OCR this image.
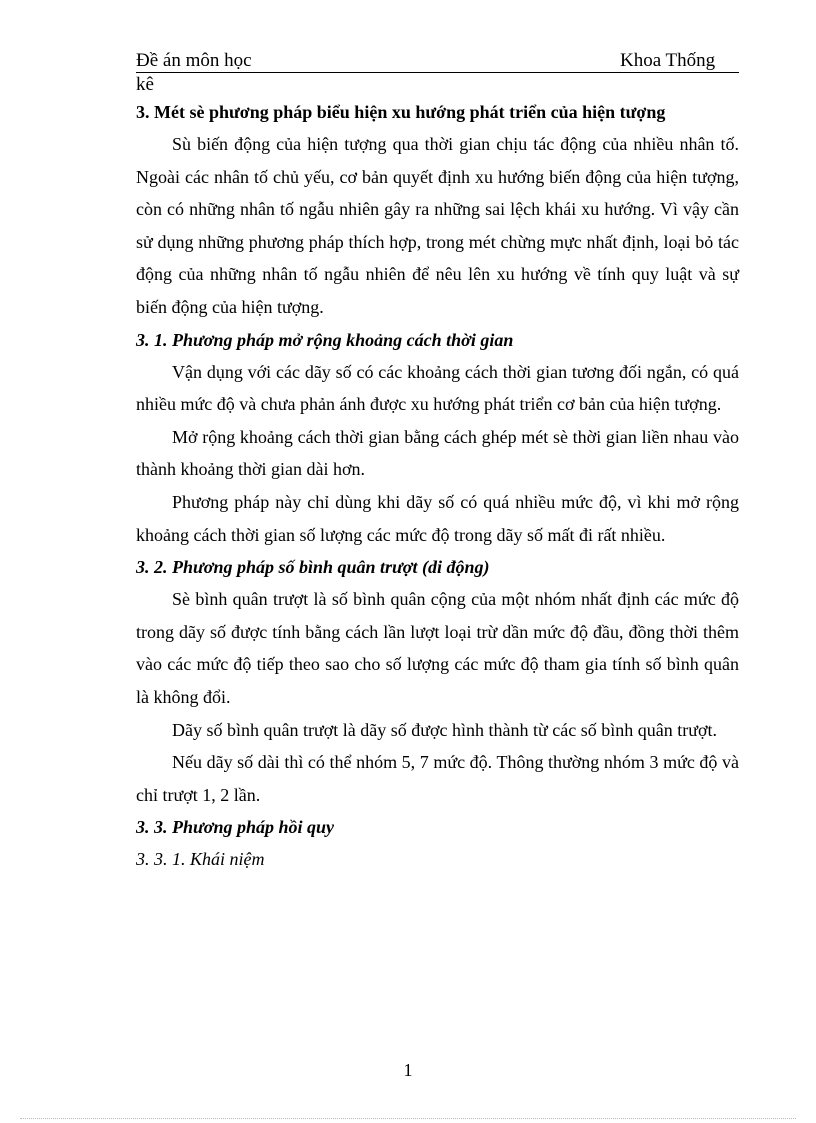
Đề án môn học	Khoa Thống
kê
3. Mét sè phương pháp biểu hiện xu hướng phát triển của hiện tượng

Sù biến động của hiện tượng qua thời gian chịu tác động của nhiều nhân tố. Ngoài các nhân tố chủ yếu, cơ bản quyết định xu hướng biến động của hiện tượng, còn có những nhân tố ngẫu nhiên gây ra những sai lệch khái xu hướng. Vì vậy cần sử dụng những phương pháp thích hợp, trong mét chừng mực nhất định, loại bỏ tác động của những nhân tố ngẫu nhiên để nêu lên xu hướng về tính quy luật và sự biến động của hiện tượng.

3. 1. Phương pháp mở rộng khoảng cách thời gian

Vận dụng với các dãy số có các khoảng cách thời gian tương đối ngắn, có quá nhiều mức độ và chưa phản ánh được xu hướng phát triển cơ bản của hiện tượng.

Mở rộng khoảng cách thời gian bằng cách ghép mét sè thời gian liền nhau vào thành khoảng thời gian dài hơn.

Phương pháp này chỉ dùng khi dãy số có quá nhiều mức độ, vì khi mở rộng khoảng cách thời gian số lượng các mức độ trong dãy số mất đi rất nhiều.

3. 2. Phương pháp số bình quân trượt (di động)

Sè bình quân trượt là số bình quân cộng của một nhóm nhất định các mức độ trong dãy số được tính bằng cách lần lượt loại trừ dần mức độ đầu, đồng thời thêm vào các mức độ tiếp theo sao cho số lượng các mức độ tham gia tính số bình quân là không đổi.

Dãy số bình quân trượt là dãy số được hình thành từ các số bình quân trượt.

Nếu dãy số dài thì có thể nhóm 5, 7 mức độ. Thông thường nhóm 3 mức độ và chỉ trượt 1, 2 lần.

3. 3. Phương pháp hồi quy
3. 3. 1. Khái niệm
1
